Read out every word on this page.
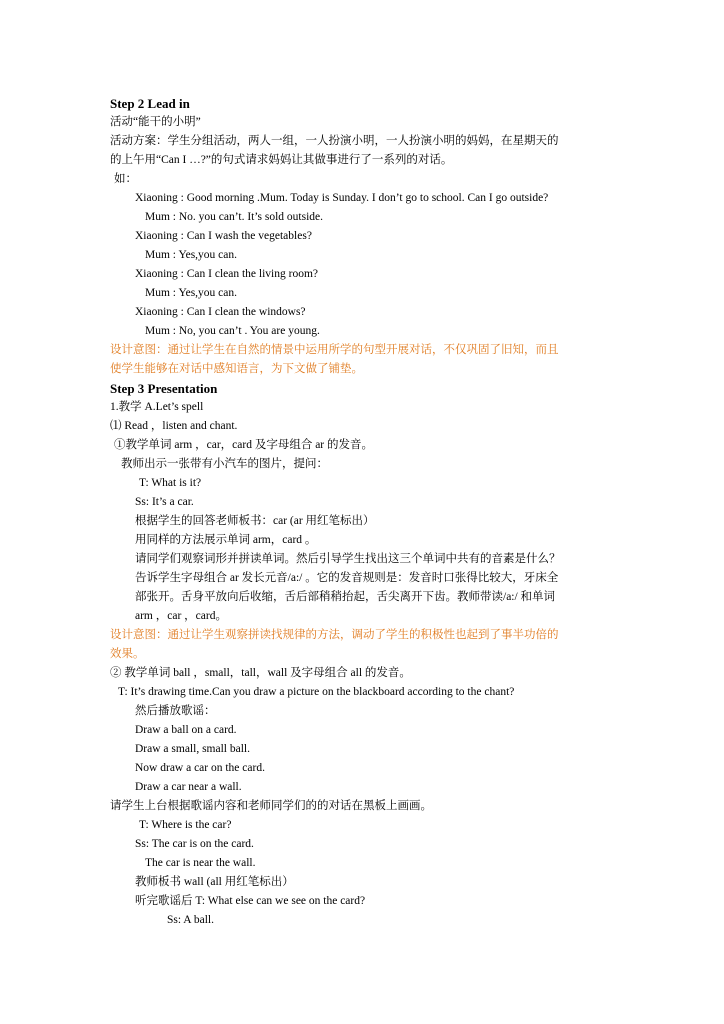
Step 2 Lead in
活动“能干的小明”
活动方案：学生分组活动，两人一组，一人扮演小明，一人扮演小明的妈妈，在星期天的
的上午用“Can I …?”的句式请求妈妈让其做事进行了一系列的对话。
如：
Xiaoning : Good morning .Mum. Today is Sunday. I don’t go to school. Can I go outside?
Mum : No. you can’t. It’s sold outside.
Xiaoning : Can I wash the vegetables?
Mum : Yes,you can.
Xiaoning : Can I clean the living room?
Mum : Yes,you can.
Xiaoning : Can I clean the windows?
Mum : No, you can’t . You are young.
设计意图：通过让学生在自然的情景中运用所学的句型开展对话，不仅巩固了旧知，而且
使学生能够在对话中感知语言，为下文做了铺垫。
Step 3 Presentation
1.教学 A.Let’s spell
⑴ Read ，listen and chant.
①教学单词 arm ，car，card 及字母组合 ar 的发音。
教师出示一张带有小汽车的图片，提问：
T: What is it?
Ss: It’s a car.
根据学生的回答老师板书：car (ar 用红笔标出）
用同样的方法展示单词 arm，card 。
请同学们观察词形并拼读单词。然后引导学生找出这三个单词中共有的音素是什么？
告诉学生字母组合 ar 发长元音/a:/ 。它的发音规则是：发音时口张得比较大，牙床全
部张开。舌身平放向后收缩，舌后部稍稍抬起，舌尖离开下齿。教师带读/a:/ 和单词
arm ，car ，card。
设计意图：通过让学生观察拼读找规律的方法，调动了学生的积极性也起到了事半功倍的
效果。
② 教学单词 ball ，small，tall，wall 及字母组合 all 的发音。
T: It’s drawing time.Can you draw a picture on the blackboard according to the chant?
然后播放歌谣：
Draw a ball on a card.
Draw a small, small ball.
Now draw a car on the card.
Draw a car near a wall.
请学生上台根据歌谣内容和老师同学们的的对话在黑板上画画。
T: Where is the car?
Ss: The car is on the card.
The car is near the wall.
教师板书 wall (all 用红笔标出）
听完歌谣后 T: What else can we see on the card?
Ss: A ball.
